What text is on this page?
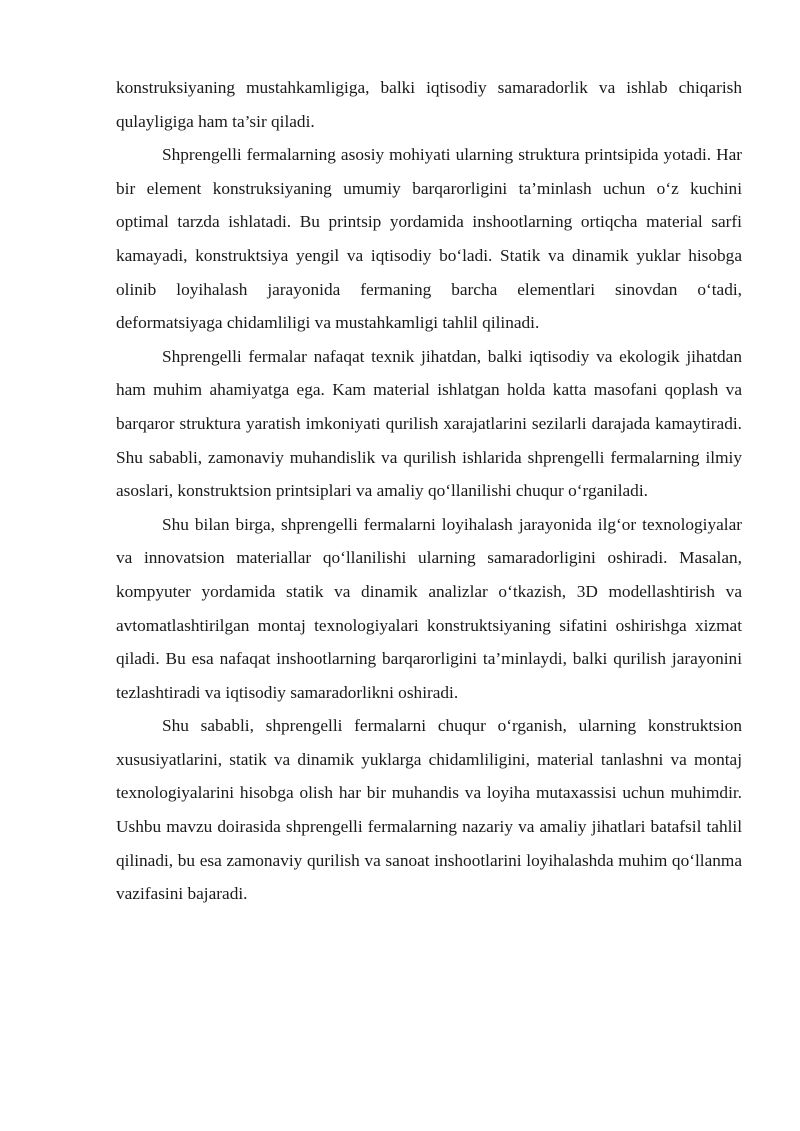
konstruksiyaning mustahkamligiga, balki iqtisodiy samaradorlik va ishlab chiqarish qulayligiga ham ta’sir qiladi.

Shprengelli fermalarning asosiy mohiyati ularning struktura printsipida yotadi. Har bir element konstruksiyaning umumiy barqarorligini ta’minlash uchun o‘z kuchini optimal tarzda ishlatadi. Bu printsip yordamida inshootlarning ortiqcha material sarfi kamayadi, konstruktsiya yengil va iqtisodiy bo‘ladi. Statik va dinamik yuklar hisobga olinib loyihalash jarayonida fermaning barcha elementlari sinovdan o‘tadi, deformatsiyaga chidamliligi va mustahkamligi tahlil qilinadi.

Shprengelli fermalar nafaqat texnik jihatdan, balki iqtisodiy va ekologik jihatdan ham muhim ahamiyatga ega. Kam material ishlatgan holda katta masofani qoplash va barqaror struktura yaratish imkoniyati qurilish xarajatlarini sezilarli darajada kamaytiradi. Shu sababli, zamonaviy muhandislik va qurilish ishlarida shprengelli fermalarning ilmiy asoslari, konstruktsion printsiplari va amaliy qo‘llanilishi chuqur o‘rganiladi.

Shu bilan birga, shprengelli fermalarni loyihalash jarayonida ilg‘or texnologiyalar va innovatsion materiallar qo‘llanilishi ularning samaradorligini oshiradi. Masalan, kompyuter yordamida statik va dinamik analizlar o‘tkazish, 3D modellashtirish va avtomatlashtirilgan montaj texnologiyalari konstruktsiyaning sifatini oshirishga xizmat qiladi. Bu esa nafaqat inshootlarning barqarorligini ta’minlaydi, balki qurilish jarayonini tezlashtiradi va iqtisodiy samaradorlikni oshiradi.

Shu sababli, shprengelli fermalarni chuqur o‘rganish, ularning konstruktsion xususiyatlarini, statik va dinamik yuklarga chidamliligini, material tanlashni va montaj texnologiyalarini hisobga olish har bir muhandis va loyiha mutaxassisi uchun muhimdir. Ushbu mavzu doirasida shprengelli fermalarning nazariy va amaliy jihatlari batafsil tahlil qilinadi, bu esa zamonaviy qurilish va sanoat inshootlarini loyihalashda muhim qo‘llanma vazifasini bajaradi.
